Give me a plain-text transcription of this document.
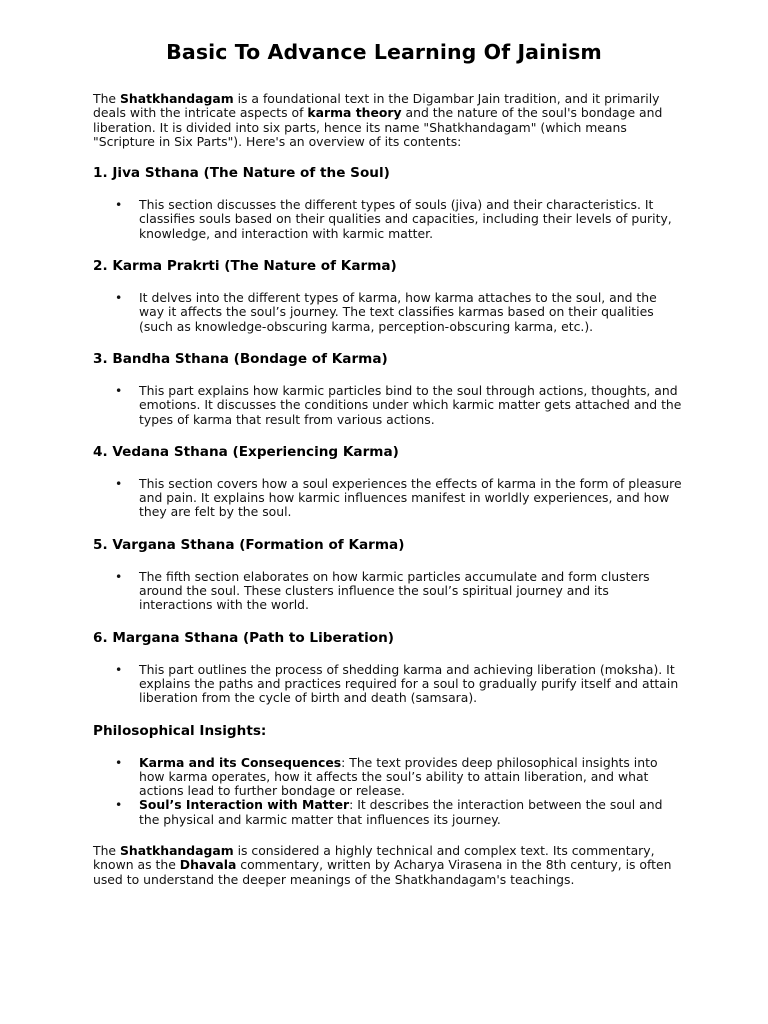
Basic To Advance Learning Of Jainism

The Shatkhandagam is a foundational text in the Digambar Jain tradition, and it primarily deals with the intricate aspects of karma theory and the nature of the soul's bondage and liberation. It is divided into six parts, hence its name "Shatkhandagam" (which means "Scripture in Six Parts"). Here's an overview of its contents:

1. Jiva Sthana (The Nature of the Soul)
• This section discusses the different types of souls (jiva) and their characteristics. It classifies souls based on their qualities and capacities, including their levels of purity, knowledge, and interaction with karmic matter.
2. Karma Prakrti (The Nature of Karma)
• It delves into the different types of karma, how karma attaches to the soul, and the way it affects the soul’s journey. The text classifies karmas based on their qualities (such as knowledge-obscuring karma, perception-obscuring karma, etc.).
3. Bandha Sthana (Bondage of Karma)
• This part explains how karmic particles bind to the soul through actions, thoughts, and emotions. It discusses the conditions under which karmic matter gets attached and the types of karma that result from various actions.
4. Vedana Sthana (Experiencing Karma)
• This section covers how a soul experiences the effects of karma in the form of pleasure and pain. It explains how karmic influences manifest in worldly experiences, and how they are felt by the soul.
5. Vargana Sthana (Formation of Karma)
• The fifth section elaborates on how karmic particles accumulate and form clusters around the soul. These clusters influence the soul’s spiritual journey and its interactions with the world.
6. Margana Sthana (Path to Liberation)
• This part outlines the process of shedding karma and achieving liberation (moksha). It explains the paths and practices required for a soul to gradually purify itself and attain liberation from the cycle of birth and death (samsara).
Philosophical Insights:
• Karma and its Consequences: The text provides deep philosophical insights into how karma operates, how it affects the soul’s ability to attain liberation, and what actions lead to further bondage or release.
• Soul’s Interaction with Matter: It describes the interaction between the soul and the physical and karmic matter that influences its journey.

The Shatkhandagam is considered a highly technical and complex text. Its commentary, known as the Dhavala commentary, written by Acharya Virasena in the 8th century, is often used to understand the deeper meanings of the Shatkhandagam's teachings.
